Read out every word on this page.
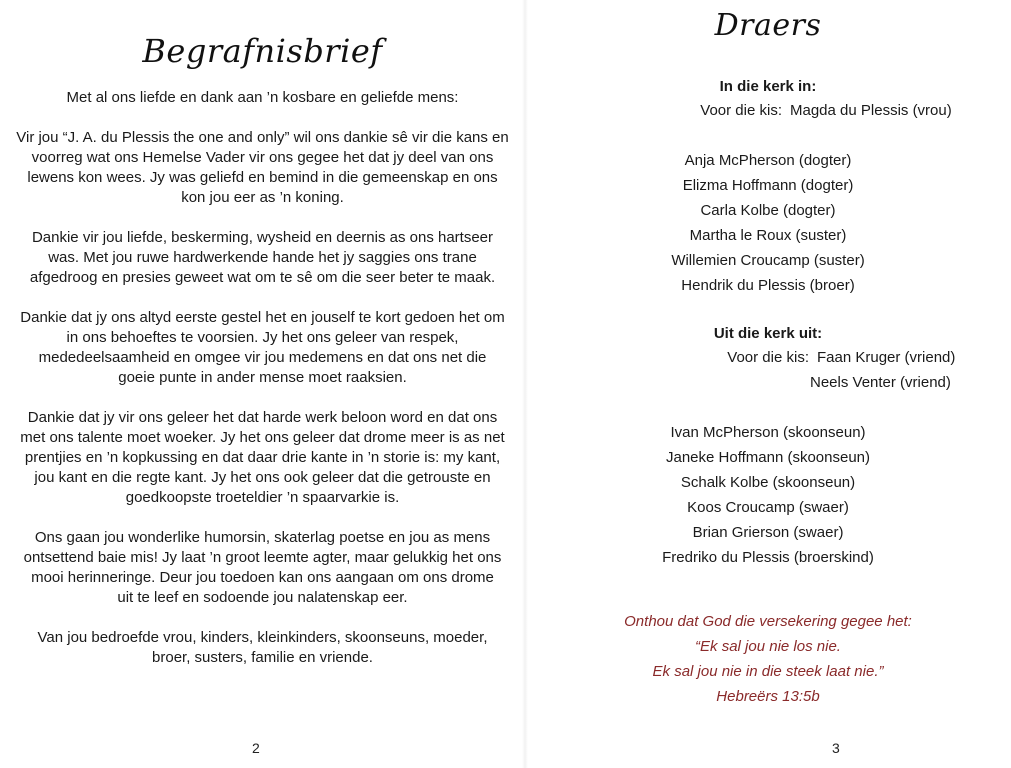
Begrafnisbrief

Met al ons liefde en dank aan ’n kosbare en geliefde mens:

Vir jou “J. A. du Plessis the one and only” wil ons dankie sê vir die kans en
voorreg wat ons Hemelse Vader vir ons gegee het dat jy deel van ons
lewens kon wees. Jy was geliefd en bemind in die gemeenskap en ons
kon jou eer as ’n koning.

Dankie vir jou liefde, beskerming, wysheid en deernis as ons hartseer
was. Met jou ruwe hardwerkende hande het jy saggies ons trane
afgedroog en presies geweet wat om te sê om die seer beter te maak.

Dankie dat jy ons altyd eerste gestel het en jouself te kort gedoen het om
in ons behoeftes te voorsien. Jy het ons geleer van respek,
mededeelsaamheid en omgee vir jou medemens en dat ons net die
goeie punte in ander mense moet raaksien.

Dankie dat jy vir ons geleer het dat harde werk beloon word en dat ons
met ons talente moet woeker. Jy het ons geleer dat drome meer is as net
prentjies en ’n kopkussing en dat daar drie kante in ’n storie is: my kant,
jou kant en die regte kant. Jy het ons ook geleer dat die getrouste en
goedkoopste troeteldier ’n spaarvarkie is.

Ons gaan jou wonderlike humorsin, skaterlag poetse en jou as mens
ontsettend baie mis! Jy laat ’n groot leemte agter, maar gelukkig het ons
mooi herinneringe. Deur jou toedoen kan ons aangaan om ons drome
uit te leef en sodoende jou nalatenskap eer.

Van jou bedroefde vrou, kinders, kleinkinders, skoonseuns, moeder,
broer, susters, familie en vriende.

2
Draers
In die kerk in:
Voor die kis: Magda du Plessis (vrou)
Anja McPherson (dogter)
Elizma Hoffmann (dogter)
Carla Kolbe (dogter)
Martha le Roux (suster)
Willemien Croucamp (suster)
Hendrik du Plessis (broer)
Uit die kerk uit:
Voor die kis: Faan Kruger (vriend)
Neels Venter (vriend)
Ivan McPherson (skoonseun)
Janeke Hoffmann (skoonseun)
Schalk Kolbe (skoonseun)
Koos Croucamp (swaer)
Brian Grierson (swaer)
Fredriko du Plessis (broerskind)
Onthou dat God die versekering gegee het:
“Ek sal jou nie los nie.
Ek sal jou nie in die steek laat nie.”
Hebreërs 13:5b
3
